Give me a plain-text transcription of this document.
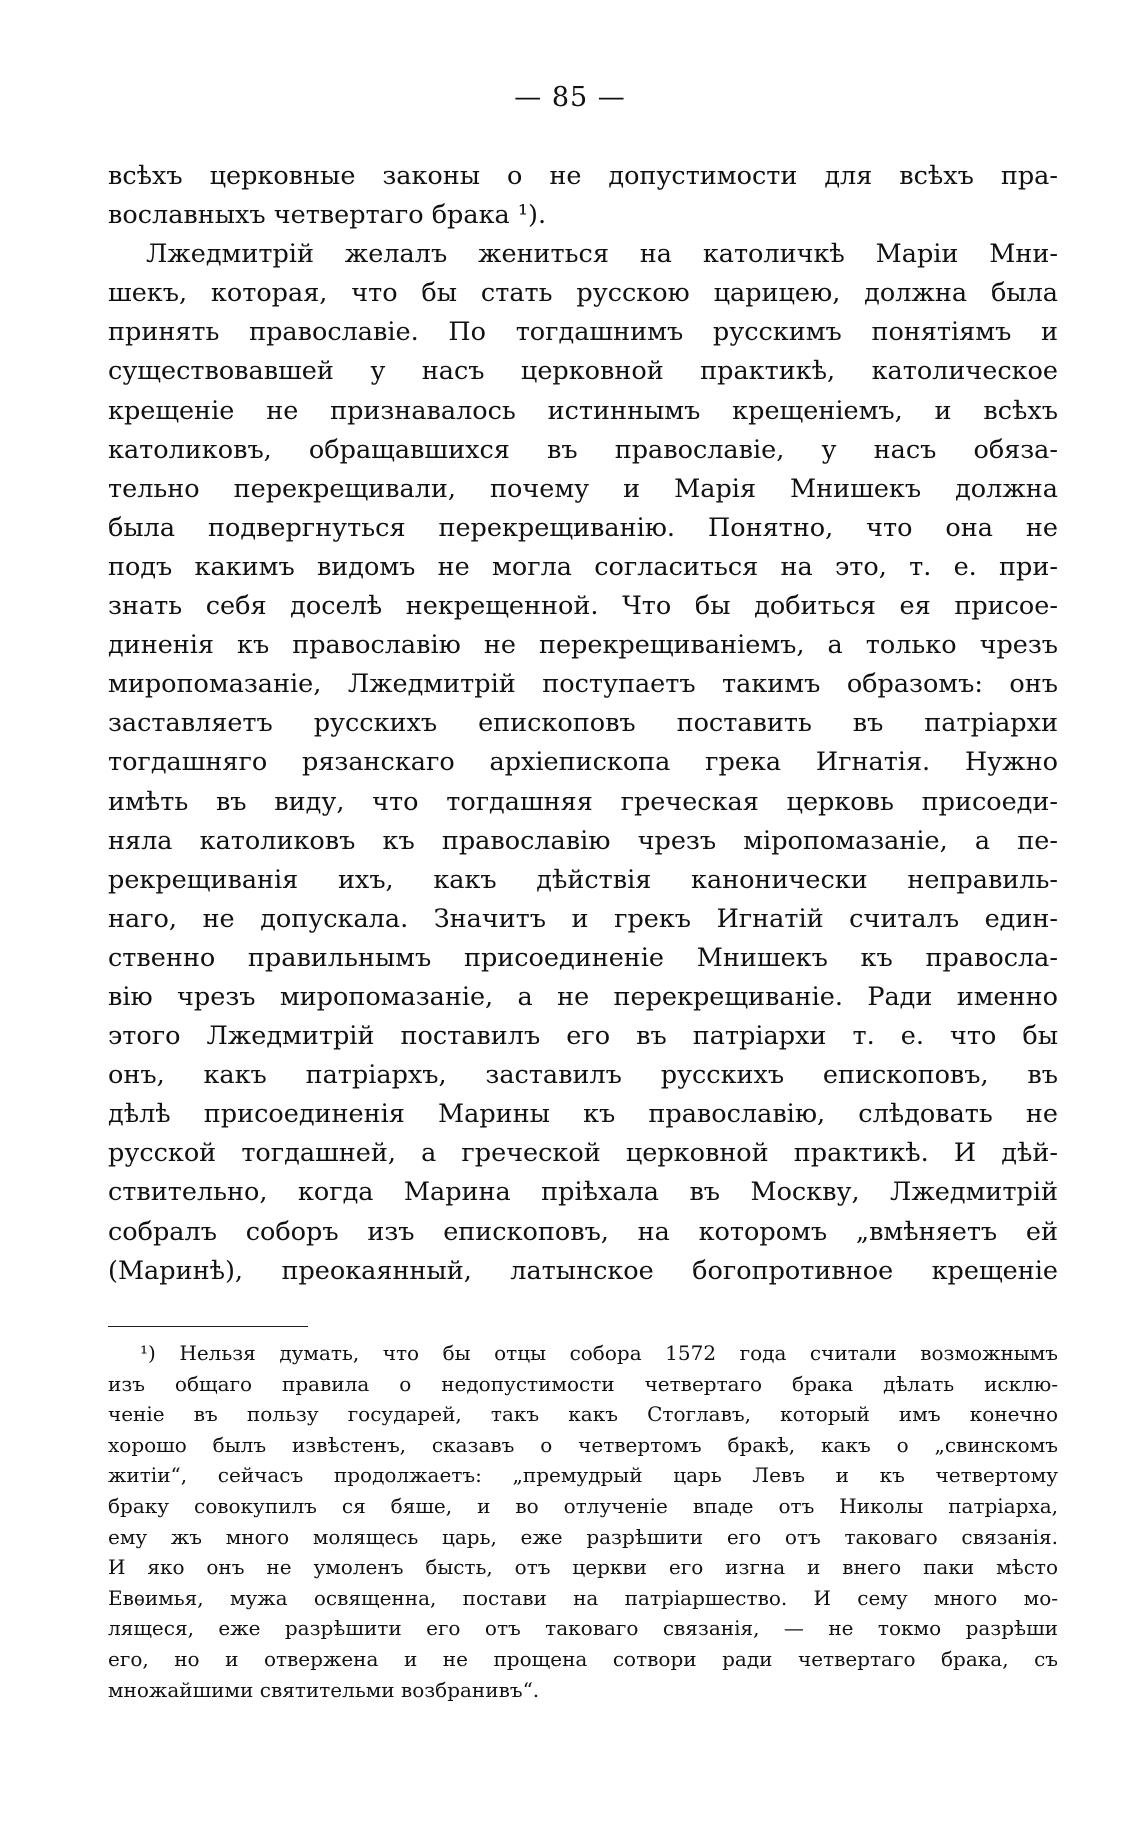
— 85 —
всѣхъ церковные законы о не допустимости для всѣхъ пра-
вославныхъ четвертаго брака ¹).
Лжедмитрій желалъ жениться на католичкѣ Маріи Мни-
шекъ, которая, что бы стать русскою царицею, должна была
принять православіе. По тогдашнимъ русскимъ понятіямъ и
существовавшей у насъ церковной практикѣ, католическое
крещеніе не признавалось истиннымъ крещеніемъ, и всѣхъ
католиковъ, обращавшихся въ православіе, у насъ обяза-
тельно перекрещивали, почему и Марія Мнишекъ должна
была подвергнуться перекрещиванію. Понятно, что она не
подъ какимъ видомъ не могла согласиться на это, т. е. при-
знать себя доселѣ некрещенной. Что бы добиться ея присое-
диненія къ православію не перекрещиваніемъ, а только чрезъ
миропомазаніе, Лжедмитрій поступаетъ такимъ образомъ: онъ
заставляетъ русскихъ епископовъ поставить въ патріархи
тогдашняго рязанскаго архіепископа грека Игнатія. Нужно
имѣть въ виду, что тогдашняя греческая церковь присоеди-
няла католиковъ къ православію чрезъ міропомазаніе, а пе-
рекрещиванія ихъ, какъ дѣйствія канонически неправиль-
наго, не допускала. Значитъ и грекъ Игнатій считалъ един-
ственно правильнымъ присоединеніе Мнишекъ къ правосла-
вію чрезъ миропомазаніе, а не перекрещиваніе. Ради именно
этого Лжедмитрій поставилъ его въ патріархи т. е. что бы
онъ, какъ патріархъ, заставилъ русскихъ епископовъ, въ
дѣлѣ присоединенія Марины къ православію, слѣдовать не
русской тогдашней, а греческой церковной практикѣ. И дѣй-
ствительно, когда Марина пріѣхала въ Москву, Лжедмитрій
собралъ соборъ изъ епископовъ, на которомъ „вмѣняетъ ей
(Маринѣ), преокаянный, латынское богопротивное крещеніе
¹) Нельзя думать, что бы отцы собора 1572 года считали возможнымъ
изъ общаго правила о недопустимости четвертаго брака дѣлать исклю-
ченіе въ пользу государей, такъ какъ Стоглавъ, который имъ конечно
хорошо былъ извѣстенъ, сказавъ о четвертомъ бракѣ, какъ о „свинскомъ
житіи“, сейчасъ продолжаетъ: „премудрый царь Левъ и къ четвертому
браку совокупилъ ся бяше, и во отлученіе впаде отъ Николы патріарха,
ему жъ много молящесь царь, еже разрѣшити его отъ таковаго связанія.
И яко онъ не умоленъ бысть, отъ церкви его изгна и внего паки мѣсто
Евѳимья, мужа освященна, постави на патріаршество. И сему много мо-
лящеся, еже разрѣшити его отъ таковаго связанія, — не токмо разрѣши
его, но и отвержена и не прощена сотвори ради четвертаго брака, съ
множайшими святительми возбранивъ“.
